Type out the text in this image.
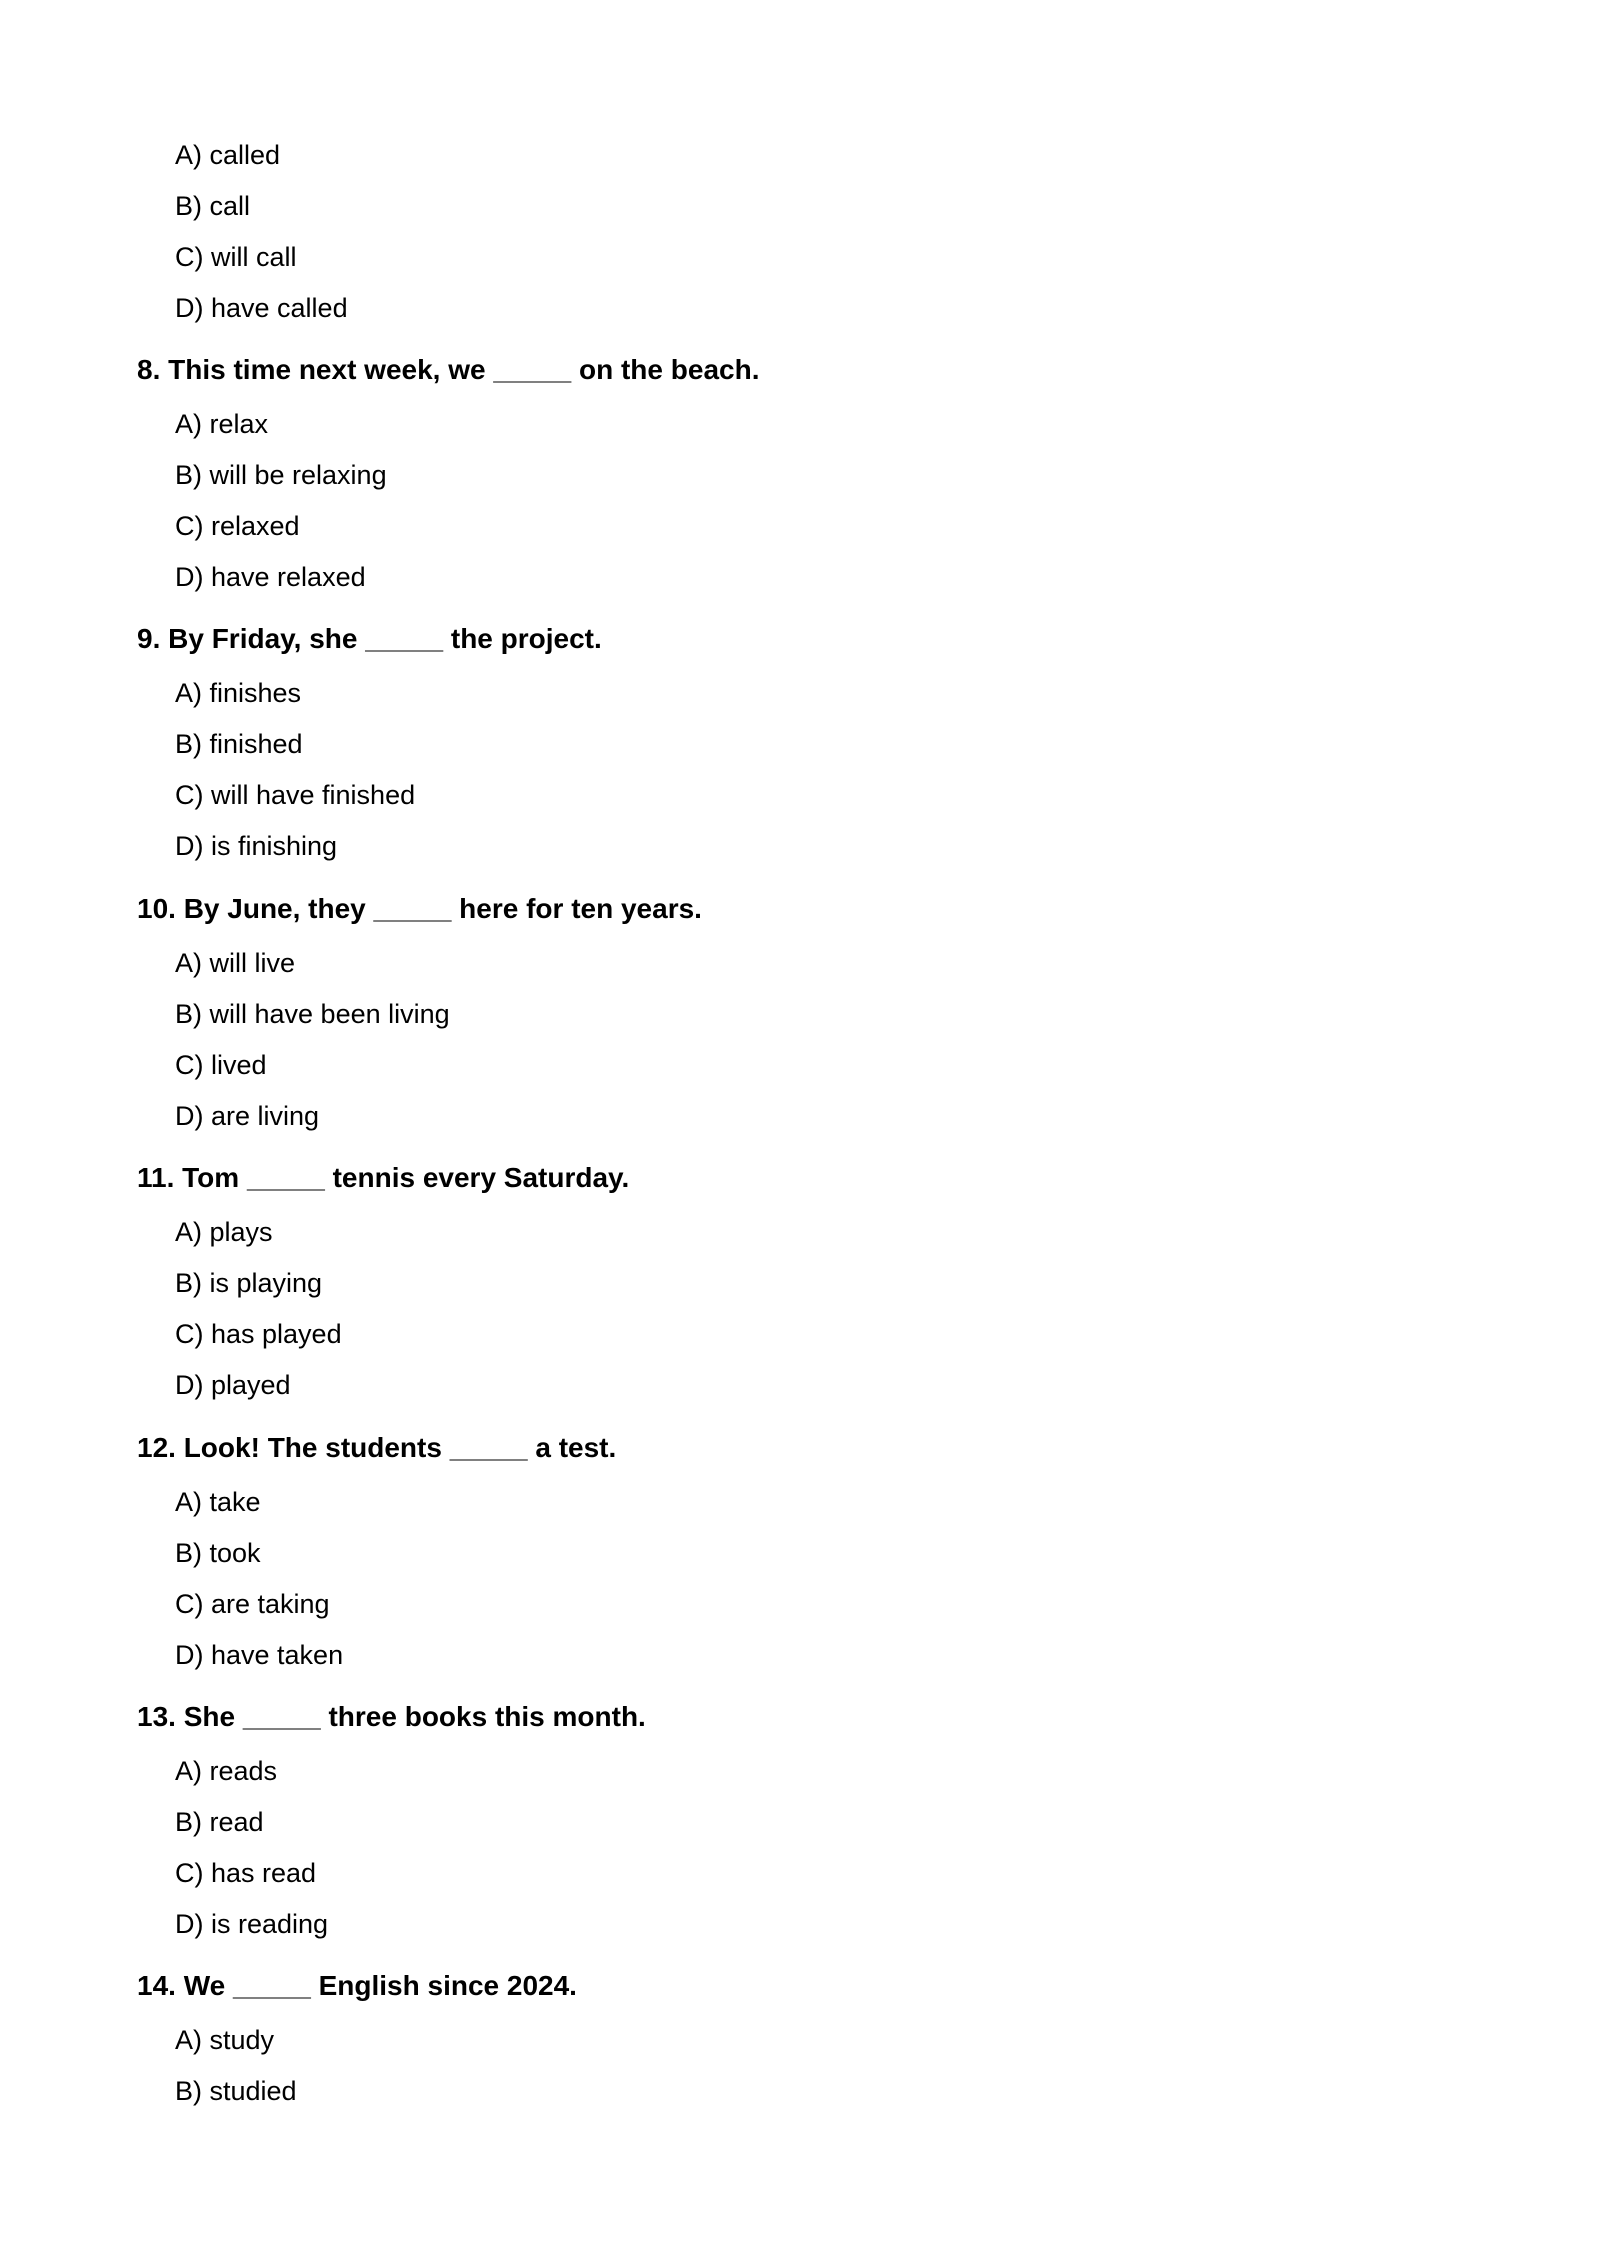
A) called

B) call

C) will call

D) have called

8. This time next week, we _____ on the beach.

A) relax

B) will be relaxing

C) relaxed

D) have relaxed

9. By Friday, she _____ the project.

A) finishes

B) finished

C) will have finished

D) is finishing

10. By June, they _____ here for ten years.

A) will live

B) will have been living

C) lived

D) are living

11. Tom _____ tennis every Saturday.

A) plays

B) is playing

C) has played

D) played

12. Look! The students _____ a test.

A) take

B) took

C) are taking

D) have taken

13. She _____ three books this month.

A) reads

B) read

C) has read

D) is reading

14. We _____ English since 2024.

A) study

B) studied
